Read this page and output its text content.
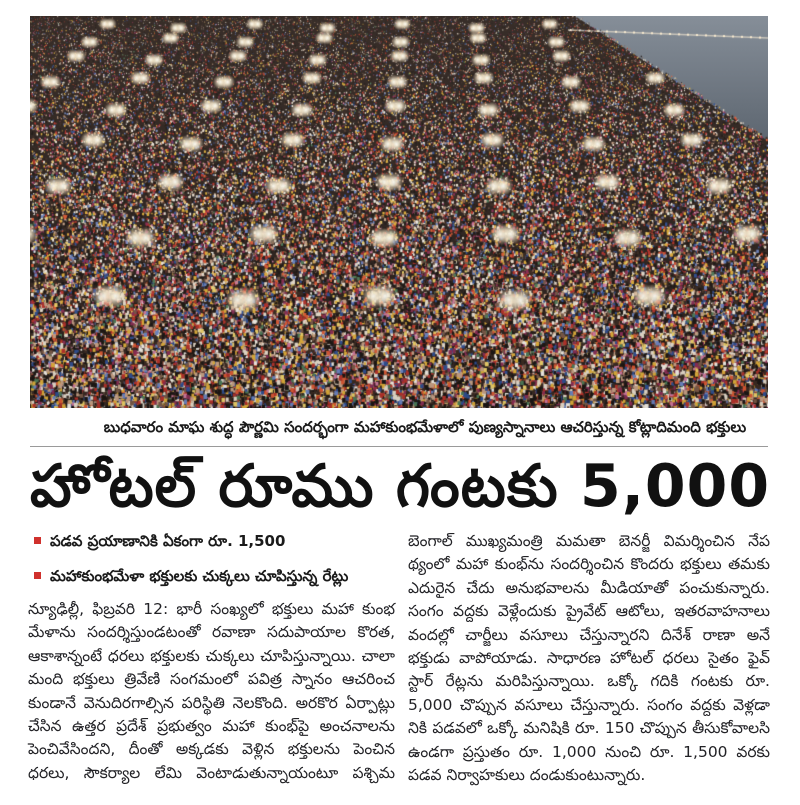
బుధవారం మాఘ శుద్ధ పౌర్ణమి సందర్భంగా మహాకుంభమేళాలో పుణ్యస్నానాలు ఆచరిస్తున్న కోట్లాదిమంది భక్తులు
హోటల్ రూము గంటకు 5,000
పడవ ప్రయాణానికి ఏకంగా రూ. 1,500
మహాకుంభమేళా భక్తులకు చుక్కలు చూపిస్తున్న రేట్లు
న్యూఢిల్లీ, ఫిబ్రవరి 12: భారీ సంఖ్యలో భక్తులు మహా కుంభ
మేళాను సందర్శిస్తుండటంతో రవాణా సదుపాయాల కొరత,
ఆకాశాన్నంటే ధరలు భక్తులకు చుక్కలు చూపిస్తున్నాయి. చాలా
మంది భక్తులు త్రివేణి సంగమంలో పవిత్ర స్నానం ఆచరించ
కుండానే వెనుదిరగాల్సిన పరిస్థితి నెలకొంది. అరకొర ఏర్పాట్లు
చేసిన ఉత్తర ప్రదేశ్ ప్రభుత్వం మహా కుంభ్‌పై అంచనాలను
పెంచివేసిందని, దీంతో అక్కడకు వెళ్లిన భక్తులను పెంచిన
ధరలు, సౌకర్యాల లేమి వెంటాడుతున్నాయంటూ పశ్చిమ
బెంగాల్ ముఖ్యమంత్రి మమతా బెనర్జీ విమర్శించిన నేప
థ్యంలో మహా కుంభ్‌ను సందర్శించిన కొందరు భక్తులు తమకు
ఎదురైన చేదు అనుభవాలను మీడియాతో పంచుకున్నారు.
సంగం వద్దకు వెళ్లేందుకు ప్రైవేట్ ఆటోలు, ఇతరవాహనాలు
వందల్లో చార్జీలు వసూలు చేస్తున్నారని దినేశ్ రాణా అనే
భక్తుడు వాపోయాడు. సాధారణ హోటల్ ధరలు సైతం ఫైవ్
స్టార్ రేట్లను మరిపిస్తున్నాయి. ఒక్కో గదికి గంటకు రూ.
5,000 చొప్పున వసూలు చేస్తున్నారు. సంగం వద్దకు వెళ్లడా
నికి పడవలో ఒక్కో మనిషికి రూ. 150 చొప్పున తీసుకోవాలసి
ఉండగా ప్రస్తుతం రూ. 1,000 నుంచి రూ. 1,500 వరకు
పడవ నిర్వాహకులు దండుకుంటున్నారు.
